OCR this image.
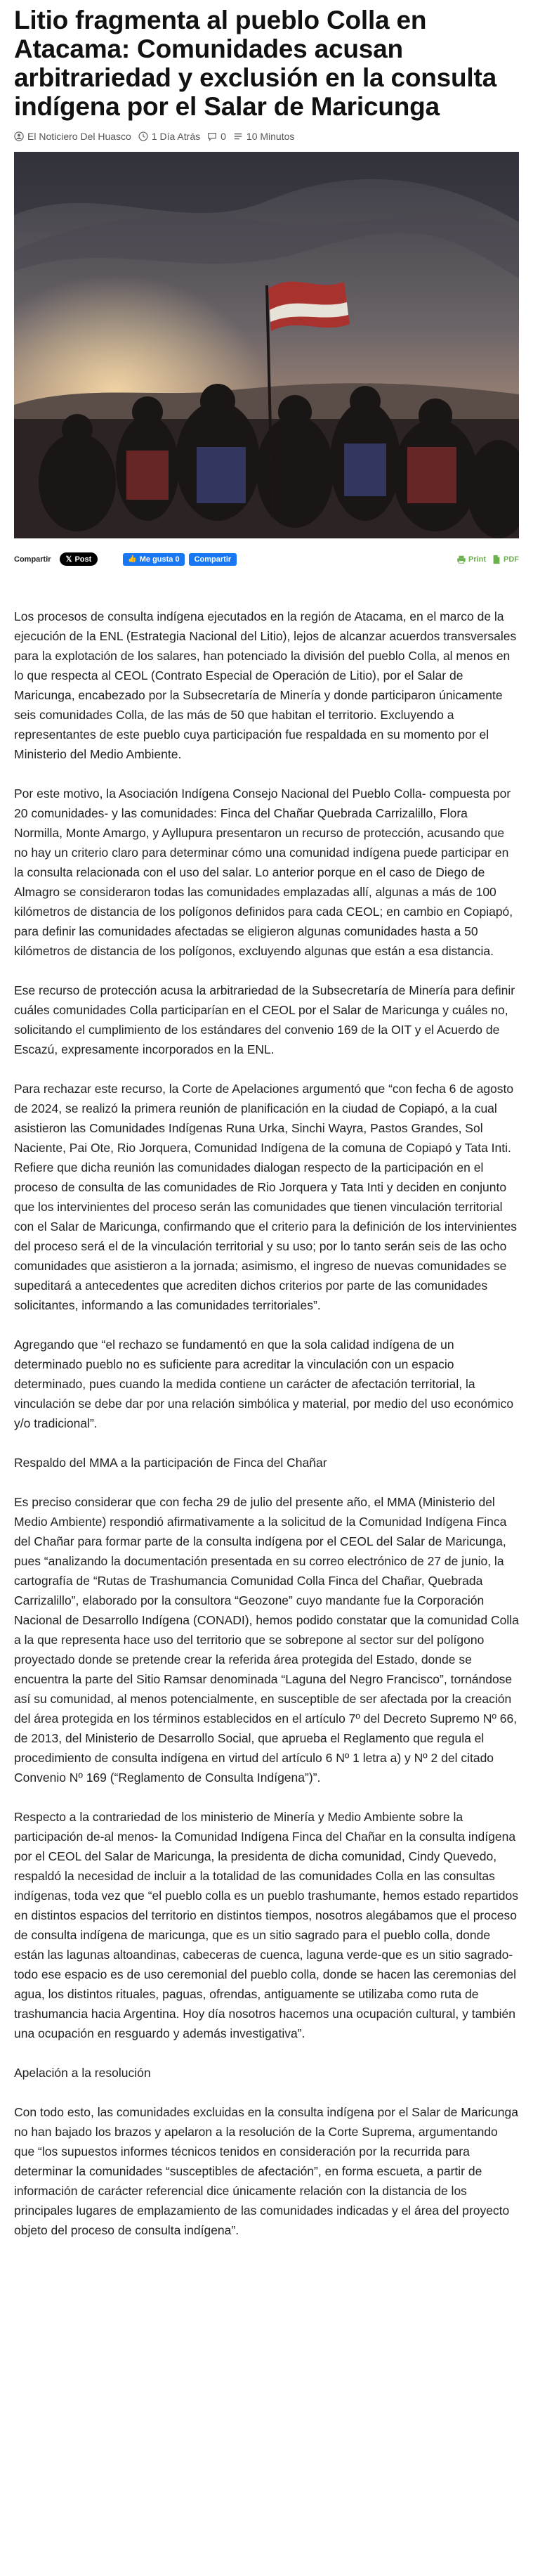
Litio fragmenta al pueblo Colla en Atacama: Comunidades acusan arbitrariedad y exclusión en la consulta indígena por el Salar de Maricunga
El Noticiero Del Huasco 1 Día Atrás 0 10 Minutos
Compartir 𝕏 Post	👍 Me gusta 0	Compartir	Print PDF

Los procesos de consulta indígena ejecutados en la región de Atacama, en el marco de la ejecución de la ENL (Estrategia Nacional del Litio), lejos de alcanzar acuerdos transversales para la explotación de los salares, han potenciado la división del pueblo Colla, al menos en lo que respecta al CEOL (Contrato Especial de Operación de Litio), por el Salar de Maricunga, encabezado por la Subsecretaría de Minería y donde participaron únicamente seis comunidades Colla, de las más de 50 que habitan el territorio. Excluyendo a representantes de este pueblo cuya participación fue respaldada en su momento por el Ministerio del Medio Ambiente.

Por este motivo, la Asociación Indígena Consejo Nacional del Pueblo Colla- compuesta por 20 comunidades- y las comunidades: Finca del Chañar Quebrada Carrizalillo, Flora Normilla, Monte Amargo, y Ayllupura presentaron un recurso de protección, acusando que no hay un criterio claro para determinar cómo una comunidad indígena puede participar en la consulta relacionada con el uso del salar. Lo anterior porque en el caso de Diego de Almagro se consideraron todas las comunidades emplazadas allí, algunas a más de 100 kilómetros de distancia de los polígonos definidos para cada CEOL; en cambio en Copiapó, para definir las comunidades afectadas se eligieron algunas comunidades hasta a 50 kilómetros de distancia de los polígonos, excluyendo algunas que están a esa distancia.

Ese recurso de protección acusa la arbitrariedad de la Subsecretaría de Minería para definir cuáles comunidades Colla participarían en el CEOL por el Salar de Maricunga y cuáles no, solicitando el cumplimiento de los estándares del convenio 169 de la OIT y el Acuerdo de Escazú, expresamente incorporados en la ENL.

Para rechazar este recurso, la Corte de Apelaciones argumentó que “con fecha 6 de agosto de 2024, se realizó la primera reunión de planificación en la ciudad de Copiapó, a la cual asistieron las Comunidades Indígenas Runa Urka, Sinchi Wayra, Pastos Grandes, Sol Naciente, Pai Ote, Rio Jorquera, Comunidad Indígena de la comuna de Copiapó y Tata Inti. Refiere que dicha reunión las comunidades dialogan respecto de la participación en el proceso de consulta de las comunidades de Rio Jorquera y Tata Inti y deciden en conjunto que los intervinientes del proceso serán las comunidades que tienen vinculación territorial con el Salar de Maricunga, confirmando que el criterio para la definición de los intervinientes del proceso será el de la vinculación territorial y su uso; por lo tanto serán seis de las ocho comunidades que asistieron a la jornada; asimismo, el ingreso de nuevas comunidades se supeditará a antecedentes que acrediten dichos criterios por parte de las comunidades solicitantes, informando a las comunidades territoriales”.

Agregando que “el rechazo se fundamentó en que la sola calidad indígena de un determinado pueblo no es suficiente para acreditar la vinculación con un espacio determinado, pues cuando la medida contiene un carácter de afectación territorial, la vinculación se debe dar por una relación simbólica y material, por medio del uso económico y/o tradicional”.

Respaldo del MMA a la participación de Finca del Chañar

Es preciso considerar que con fecha 29 de julio del presente año, el MMA (Ministerio del Medio Ambiente) respondió afirmativamente a la solicitud de la Comunidad Indígena Finca del Chañar para formar parte de la consulta indígena por el CEOL del Salar de Maricunga, pues “analizando la documentación presentada en su correo electrónico de 27 de junio, la cartografía de “Rutas de Trashumancia Comunidad Colla Finca del Chañar, Quebrada Carrizalillo”, elaborado por la consultora “Geozone” cuyo mandante fue la Corporación Nacional de Desarrollo Indígena (CONADI), hemos podido constatar que la comunidad Colla a la que representa hace uso del territorio que se sobrepone al sector sur del polígono proyectado donde se pretende crear la referida área protegida del Estado, donde se encuentra la parte del Sitio Ramsar denominada “Laguna del Negro Francisco”, tornándose así su comunidad, al menos potencialmente, en susceptible de ser afectada por la creación del área protegida en los términos establecidos en el artículo 7º del Decreto Supremo Nº 66, de 2013, del Ministerio de Desarrollo Social, que aprueba el Reglamento que regula el procedimiento de consulta indígena en virtud del artículo 6 Nº 1 letra a) y Nº 2 del citado Convenio Nº 169 (“Reglamento de Consulta Indígena”)”.

Respecto a la contrariedad de los ministerio de Minería y Medio Ambiente sobre la participación de-al menos- la Comunidad Indígena Finca del Chañar en la consulta indígena por el CEOL del Salar de Maricunga, la presidenta de dicha comunidad, Cindy Quevedo, respaldó la necesidad de incluir a la totalidad de las comunidades Colla en las consultas indígenas, toda vez que “el pueblo colla es un pueblo trashumante, hemos estado repartidos en distintos espacios del territorio en distintos tiempos, nosotros alegábamos que el proceso de consulta indígena de maricunga, que es un sitio sagrado para el pueblo colla, donde están las lagunas altoandinas, cabeceras de cuenca, laguna verde-que es un sitio sagrado- todo ese espacio es de uso ceremonial del pueblo colla, donde se hacen las ceremonias del agua, los distintos rituales, paguas, ofrendas, antiguamente se utilizaba como ruta de trashumancia hacia Argentina. Hoy día nosotros hacemos una ocupación cultural, y también una ocupación en resguardo y además investigativa”.

Apelación a la resolución

Con todo esto, las comunidades excluidas en la consulta indígena por el Salar de Maricunga no han bajado los brazos y apelaron a la resolución de la Corte Suprema, argumentando que “los supuestos informes técnicos tenidos en consideración por la recurrida para determinar la comunidades “susceptibles de afectación”, en forma escueta, a partir de información de carácter referencial dice únicamente relación con la distancia de los principales lugares de emplazamiento de las comunidades indicadas y el área del proyecto objeto del proceso de consulta indígena”.
